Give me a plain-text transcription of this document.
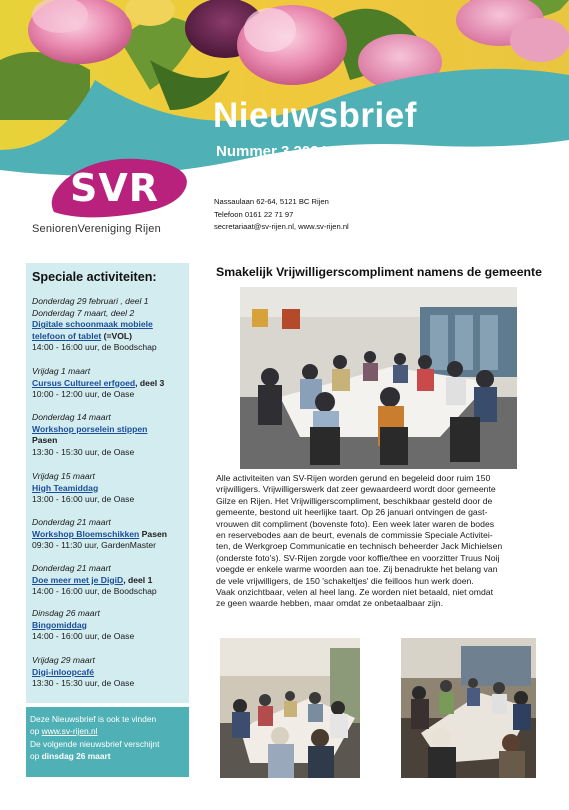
Nieuwsbrief
Nummer 3 2024
SVR
SeniorenVereniging Rijen
Nassaulaan 62-64, 5121 BC Rijen
Telefoon 0161 22 71 97
secretariaat@sv-rijen.nl, www.sv-rijen.nl
Speciale activiteiten:
Donderdag 29 februari , deel 1
Donderdag 7 maart, deel 2
Digitale schoonmaak mobiele
telefoon of tablet (=VOL)
14:00 - 16:00 uur, de Boodschap
Vrijdag 1 maart
Cursus Cultureel erfgoed, deel 3
10:00 - 12:00 uur, de Oase
Donderdag 14 maart
Workshop porselein stippen
Pasen
13:30 - 15:30 uur, de Oase
Vrijdag 15 maart
High Teamiddag
13:00 - 16:00 uur, de Oase
Donderdag 21 maart
Workshop Bloemschikken Pasen
09:30 - 11:30 uur, GardenMaster
Donderdag 21 maart
Doe meer met je DigiD, deel 1
14:00 - 16:00 uur, de Boodschap
Dinsdag 26 maart
Bingomiddag
14:00 - 16:00 uur, de Oase
Vrijdag 29 maart
Digi-inloopcafé
13:30 - 15:30 uur, de Oase
Deze Nieuwsbrief is ook te vinden
op www.sv-rijen.nl
De volgende nieuwsbrief verschijnt
op dinsdag 26 maart
Smakelijk Vrijwilligerscompliment namens de gemeente
Alle activiteiten van SV-Rijen worden gerund en begeleid door ruim 150
vrijwilligers. Vrijwilligerswerk dat zeer gewaardeerd wordt door gemeente
Gilze en Rijen. Het Vrijwilligerscompliment, beschikbaar gesteld door de
gemeente, bestond uit heerlijke taart. Op 26 januari ontvingen de gast-
vrouwen dit compliment (bovenste foto). Een week later waren de bodes
en reservebodes aan de beurt, evenals de commissie Speciale Activitei-
ten, de Werkgroep Communicatie en technisch beheerder Jack Michielsen
(onderste foto's). SV-Rijen zorgde voor koffie/thee en voorzitter Truus Noij
voegde er enkele warme woorden aan toe. Zij benadrukte het belang van
de vele vrijwilligers, de 150 'schakeltjes' die feilloos hun werk doen.
Vaak onzichtbaar, velen al heel lang. Ze worden niet betaald, niet omdat
ze geen waarde hebben, maar omdat ze onbetaalbaar zijn.
